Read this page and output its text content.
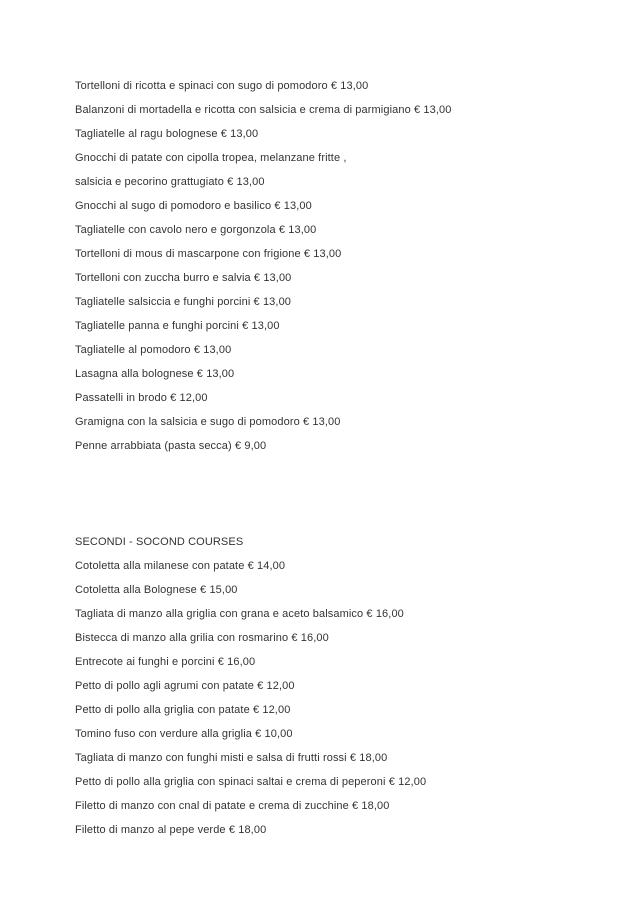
Tortelloni di ricotta e spinaci con sugo di pomodoro € 13,00
Balanzoni di mortadella e ricotta con salsicia e crema di parmigiano € 13,00
Tagliatelle al ragu bolognese € 13,00
Gnocchi di patate con cipolla tropea, melanzane fritte ,
salsicia e pecorino grattugiato € 13,00
Gnocchi al sugo di pomodoro e basilico € 13,00
Tagliatelle con cavolo nero e gorgonzola € 13,00
Tortelloni di mous di mascarpone con frigione € 13,00
Tortelloni con zuccha burro e salvia € 13,00
Tagliatelle salsiccia e funghi porcini € 13,00
Tagliatelle panna e funghi porcini € 13,00
Tagliatelle al pomodoro € 13,00
Lasagna alla bolognese € 13,00
Passatelli in brodo € 12,00
Gramigna con la salsicia e sugo di pomodoro € 13,00
Penne arrabbiata (pasta secca) € 9,00
SECONDI - SOCOND COURSES
Cotoletta alla milanese con patate € 14,00
Cotoletta alla Bolognese € 15,00
Tagliata di manzo alla griglia con grana e aceto balsamico € 16,00
Bistecca di manzo alla grilia con rosmarino € 16,00
Entrecote ai funghi e porcini € 16,00
Petto di pollo agli agrumi con patate € 12,00
Petto di pollo alla griglia con patate € 12,00
Tomino fuso con verdure alla griglia € 10,00
Tagliata di manzo con funghi misti e salsa di frutti rossi € 18,00
Petto di pollo alla griglia con spinaci saltai e crema di peperoni € 12,00
Filetto di manzo con cnal di patate e crema di zucchine € 18,00
Filetto di manzo al pepe verde € 18,00
